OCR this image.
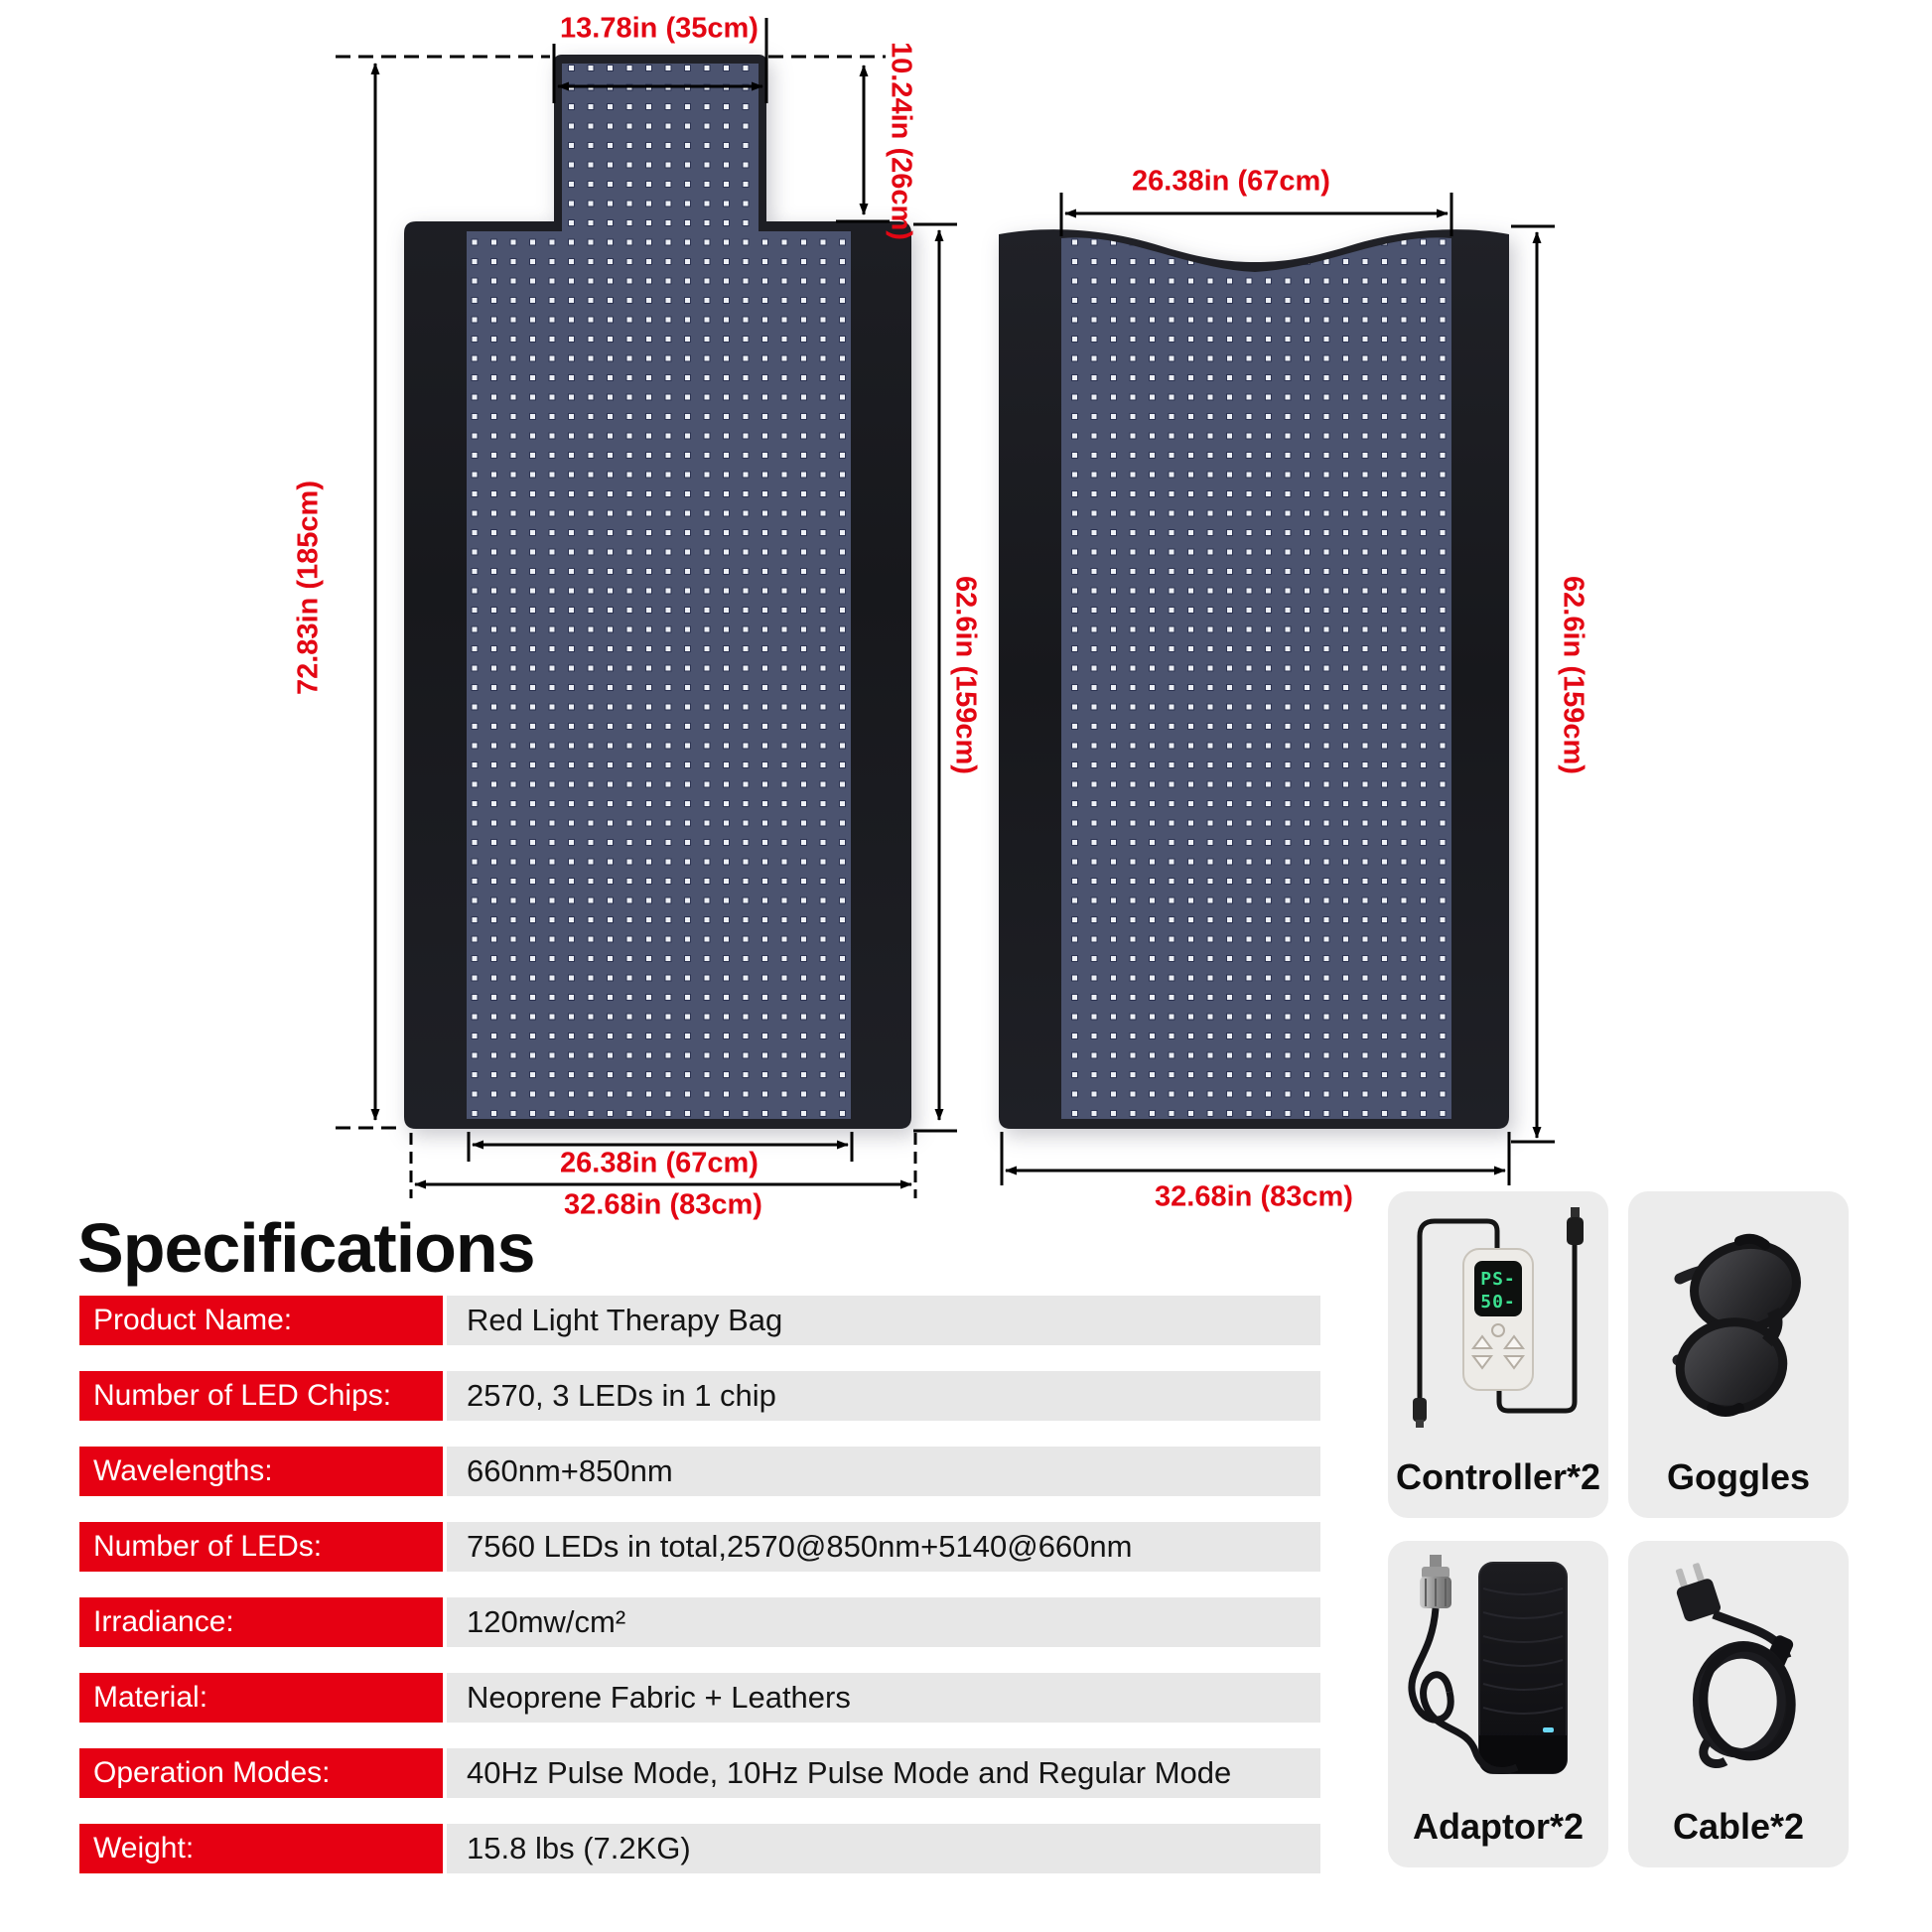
13.78in (35cm)
10.24in (26cm)
72.83in (185cm)	62.6in (159cm)
26.38in (67cm)
32.68in (83cm)
26.38in (67cm)
62.6in (159cm)
32.68in (83cm)
Specifications
Product Name:	Red Light Therapy Bag
Number of LED Chips:	2570, 3 LEDs in 1 chip
Wavelengths:	660nm+850nm
Number of LEDs:	7560 LEDs in total,2570@850nm+5140@660nm
Irradiance:	120mw/cm²
Material:	Neoprene Fabric + Leathers
Operation Modes:	40Hz Pulse Mode, 10Hz Pulse Mode and Regular Mode
Weight:	15.8 lbs (7.2KG)
PS-
50-
Controller*2	Goggles
Adaptor*2	Cable*2
